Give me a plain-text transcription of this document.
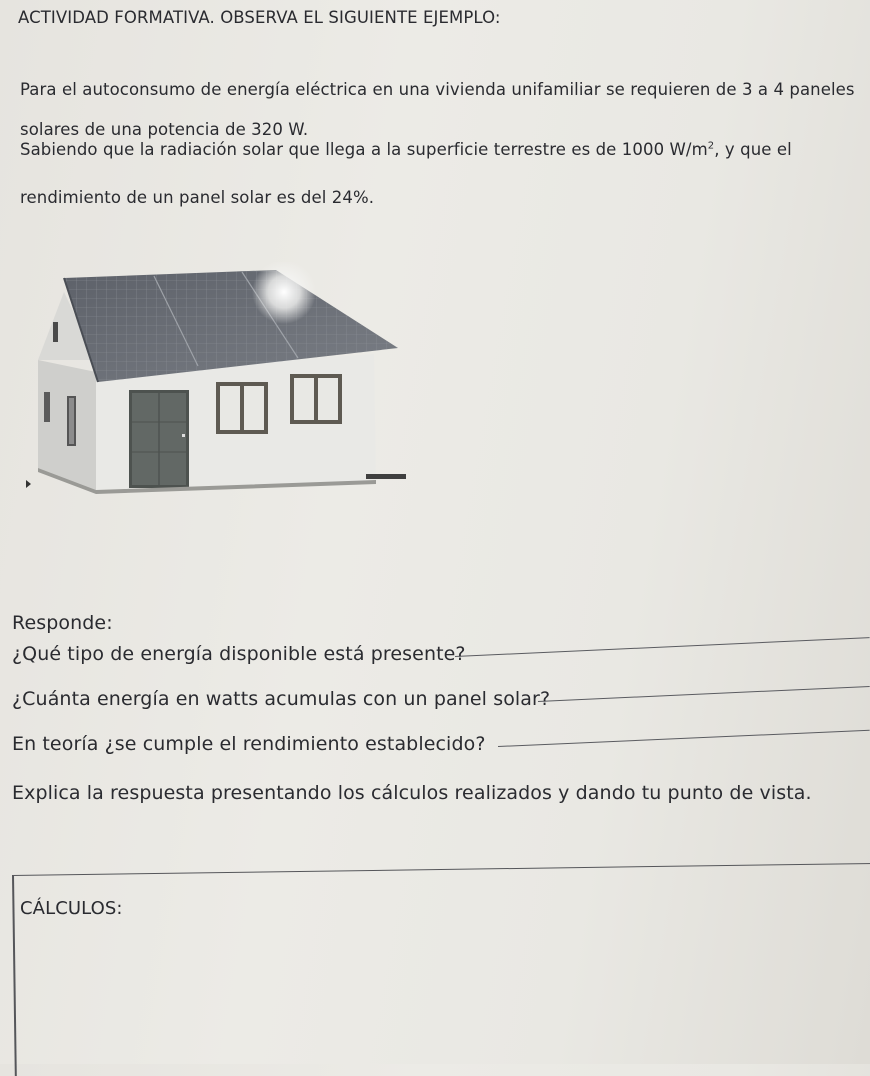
ACTIVIDAD FORMATIVA. OBSERVA EL SIGUIENTE EJEMPLO:
Para el autoconsumo de energía eléctrica en una vivienda unifamiliar se requieren de 3 a 4 paneles
solares de una potencia de 320 W.
Sabiendo que la radiación solar que llega a la superficie terrestre es de 1000 $W/m^2$, y que el
rendimiento de un panel solar es del 24%.
Responde:
¿Qué tipo de energía disponible está presente?
¿Cuánta energía en watts acumulas con un panel solar?
En teoría ¿se cumple el rendimiento establecido?
Explica la respuesta presentando los cálculos realizados y dando tu punto de vista.
CÁLCULOS:
